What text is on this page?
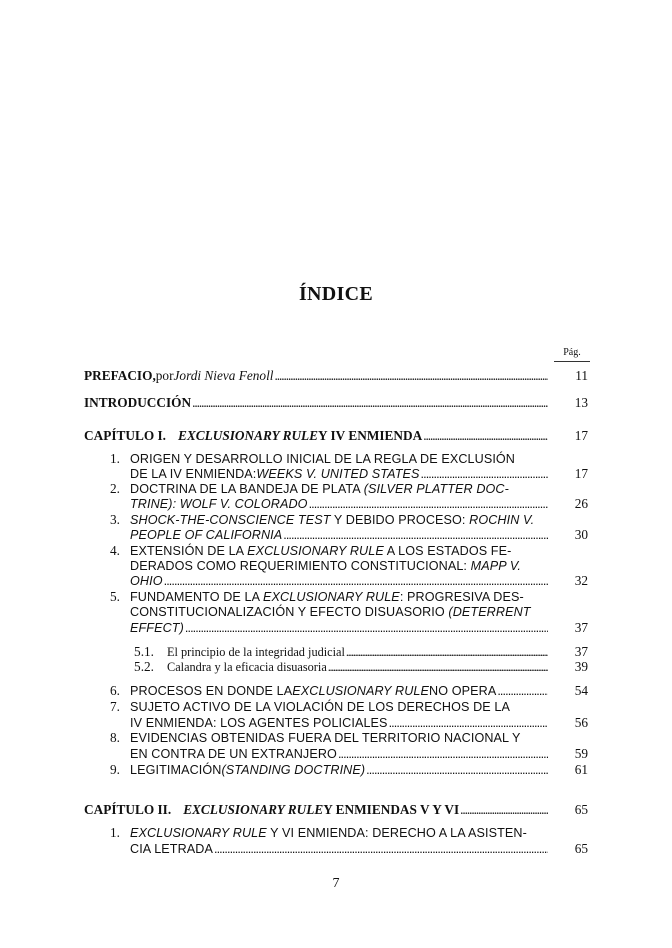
ÍNDICE
Pág.
PREFACIO, por Jordi Nieva Fenoll . . .	11
INTRODUCCIÓN . . .	13
CAPÍTULO I. EXCLUSIONARY RULE Y IV ENMIENDA . . .	17
1. ORIGEN Y DESARROLLO INICIAL DE LA REGLA DE EXCLUSIÓN
DE LA IV ENMIENDA: WEEKS V. UNITED STATES . . .	17
2. DOCTRINA DE LA BANDEJA DE PLATA (SILVER PLATTER DOC-
TRINE): WOLF V. COLORADO . . .	26
3. SHOCK-THE-CONSCIENCE TEST Y DEBIDO PROCESO: ROCHIN V.
PEOPLE OF CALIFORNIA . . .	30
4. EXTENSIÓN DE LA EXCLUSIONARY RULE A LOS ESTADOS FE-
DERADOS COMO REQUERIMIENTO CONSTITUCIONAL: MAPP V.
OHIO . . .	32
5. FUNDAMENTO DE LA EXCLUSIONARY RULE: PROGRESIVA DES-
CONSTITUCIONALIZACIÓN Y EFECTO DISUASORIO (DETERRENT
EFFECT) . . .	37
5.1. El principio de la integridad judicial . . .	37
5.2. Calandra y la eficacia disuasoria . . .	39
6. PROCESOS EN DONDE LA EXCLUSIONARY RULE NO OPERA . . .	54
7. SUJETO ACTIVO DE LA VIOLACIÓN DE LOS DERECHOS DE LA
IV ENMIENDA: LOS AGENTES POLICIALES . . .	56
8. EVIDENCIAS OBTENIDAS FUERA DEL TERRITORIO NACIONAL Y
EN CONTRA DE UN EXTRANJERO . . .	59
9. LEGITIMACIÓN (STANDING DOCTRINE) . . .	61
CAPÍTULO II. EXCLUSIONARY RULE Y ENMIENDAS V Y VI . . .	65
1. EXCLUSIONARY RULE Y VI ENMIENDA: DERECHO A LA ASISTEN-
CIA LETRADA . . .	65
7
